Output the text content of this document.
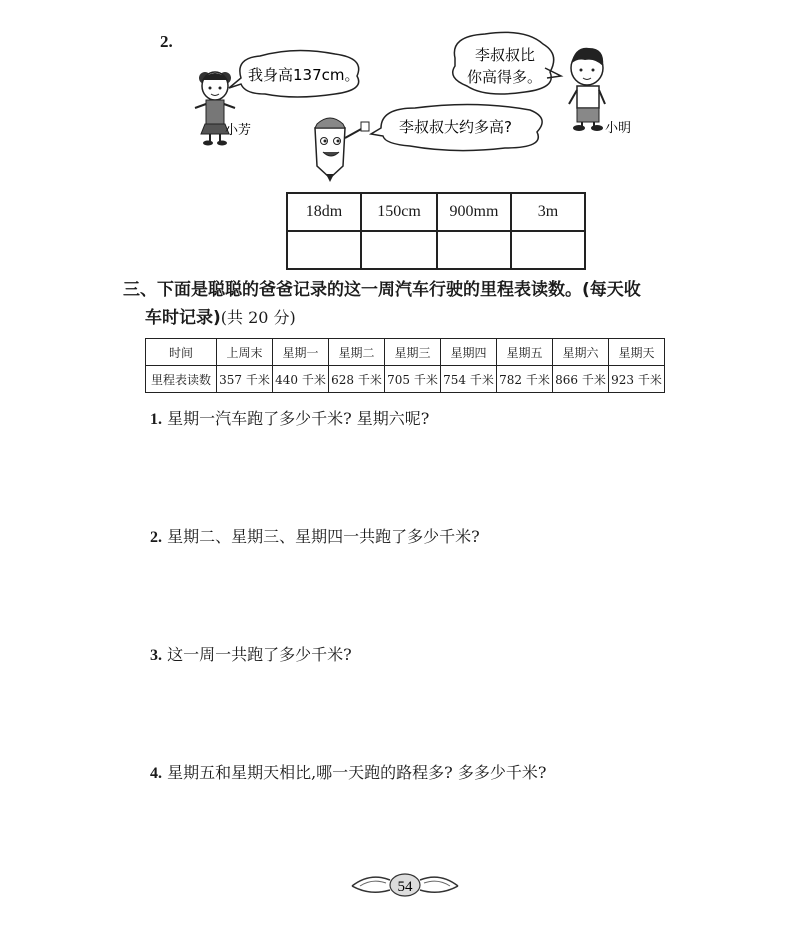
2.
我身高137cm。
小芳	李叔叔大约多高?
李叔叔比
你高得多。
小明
18dm	150cm	900mm	3m

三、下面是聪聪的爸爸记录的这一周汽车行驶的里程表读数。(每天收
车时记录)(共 20 分)
时间	上周末	星期一	星期二	星期三	星期四	星期五	星期六	星期天
里程表读数	357 千米	440 千米	628 千米	705 千米	754 千米	782 千米	866 千米	923 千米
1. 星期一汽车跑了多少千米? 星期六呢?
2. 星期二、星期三、星期四一共跑了多少千米?
3. 这一周一共跑了多少千米?
4. 星期五和星期天相比,哪一天跑的路程多? 多多少千米?
54
